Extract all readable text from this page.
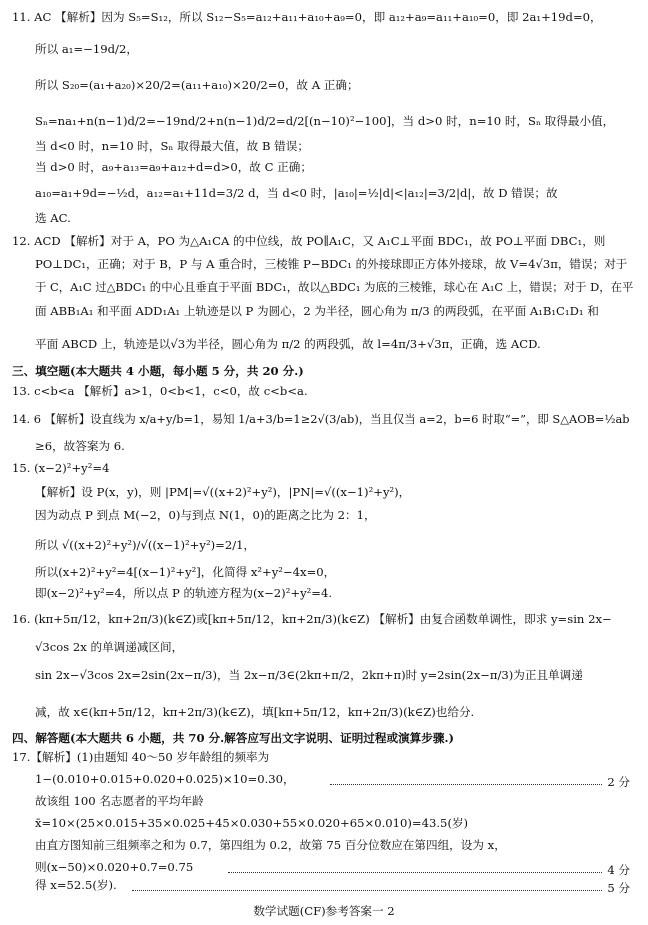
11. AC 【解析】因为 S₅=S₁₂，所以 S₁₂−S₅=a₁₂+a₁₁+a₁₀+a₉=0，即 a₁₂+a₉=a₁₁+a₁₀=0，即 2a₁+19d=0，
所以 a₁=−19d/2，
所以 S₂₀=(a₁+a₂₀)×20/2=(a₁₁+a₁₀)×20/2=0，故 A 正确；
Sₙ=na₁+n(n−1)d/2=−19nd/2+n(n−1)d/2=d/2[(n−10)²−100]，当 d>0 时，n=10 时，Sₙ 取得最小值，
当 d<0 时，n=10 时，Sₙ 取得最大值，故 B 错误；
当 d>0 时，a₉+a₁₃=a₉+a₁₂+d=d>0，故 C 正确；
a₁₀=a₁+9d=−½d，a₁₂=a₁+11d=3/2 d，当 d<0 时，|a₁₀|=½|d|<|a₁₂|=3/2|d|，故 D 错误；故
选 AC.
12. ACD 【解析】对于 A，PO 为△A₁CA 的中位线，故 PO∥A₁C，又 A₁C⊥平面 BDC₁，故 PO⊥平面 DBC₁，则
PO⊥DC₁，正确；对于 B，P 与 A 重合时，三棱锥 P−BDC₁ 的外接球即正方体外接球，故 V=4√3π，错误；对于
于 C，A₁C 过△BDC₁ 的中心且垂直于平面 BDC₁，故以△BDC₁ 为底的三棱锥，球心在 A₁C 上，错误；对于 D，在平
面 ABB₁A₁ 和平面 ADD₁A₁ 上轨迹是以 P 为圆心，2 为半径，圆心角为 π/3 的两段弧，在平面 A₁B₁C₁D₁ 和
平面 ABCD 上，轨迹是以√3为半径，圆心角为 π/2 的两段弧，故 l=4π/3+√3π，正确，选 ACD.
三、填空题(本大题共 4 小题，每小题 5 分，共 20 分.)
13. c<b<a 【解析】a>1，0<b<1，c<0，故 c<b<a.
14. 6 【解析】设直线为 x/a+y/b=1，易知 1/a+3/b=1≥2√(3/ab)，当且仅当 a=2，b=6 时取“=”，即 S△AOB=½ab
≥6，故答案为 6.
15. (x−2)²+y²=4
【解析】设 P(x，y)，则 |PM|=√((x+2)²+y²)，|PN|=√((x−1)²+y²)，
因为动点 P 到点 M(−2，0)与到点 N(1，0)的距离之比为 2：1，
所以 √((x+2)²+y²)/√((x−1)²+y²)=2/1，
所以(x+2)²+y²=4[(x−1)²+y²]，化简得 x²+y²−4x=0，
即(x−2)²+y²=4，所以点 P 的轨迹方程为(x−2)²+y²=4.
16. (kπ+5π/12，kπ+2π/3)(k∈Z)或[kπ+5π/12，kπ+2π/3)(k∈Z) 【解析】由复合函数单调性，即求 y=sin 2x−
√3cos 2x 的单调递减区间，
sin 2x−√3cos 2x=2sin(2x−π/3)，当 2x−π/3∈(2kπ+π/2，2kπ+π)时 y=2sin(2x−π/3)为正且单调递
减，故 x∈(kπ+5π/12，kπ+2π/3)(k∈Z)，填[kπ+5π/12，kπ+2π/3)(k∈Z)也给分.
四、解答题(本大题共 6 小题，共 70 分.解答应写出文字说明、证明过程或演算步骤.)
17.【解析】(1)由题知 40～50 岁年龄组的频率为
1−(0.010+0.015+0.020+0.025)×10=0.30，	2 分
故该组 100 名志愿者的平均年龄
x̄=10×(25×0.015+35×0.025+45×0.030+55×0.020+65×0.010)=43.5(岁)
由直方图知前三组频率之和为 0.7，第四组为 0.2，故第 75 百分位数应在第四组，设为 x，
则(x−50)×0.020+0.7=0.75	4 分
得 x=52.5(岁).	5 分
数学试题(CF)参考答案一 2
